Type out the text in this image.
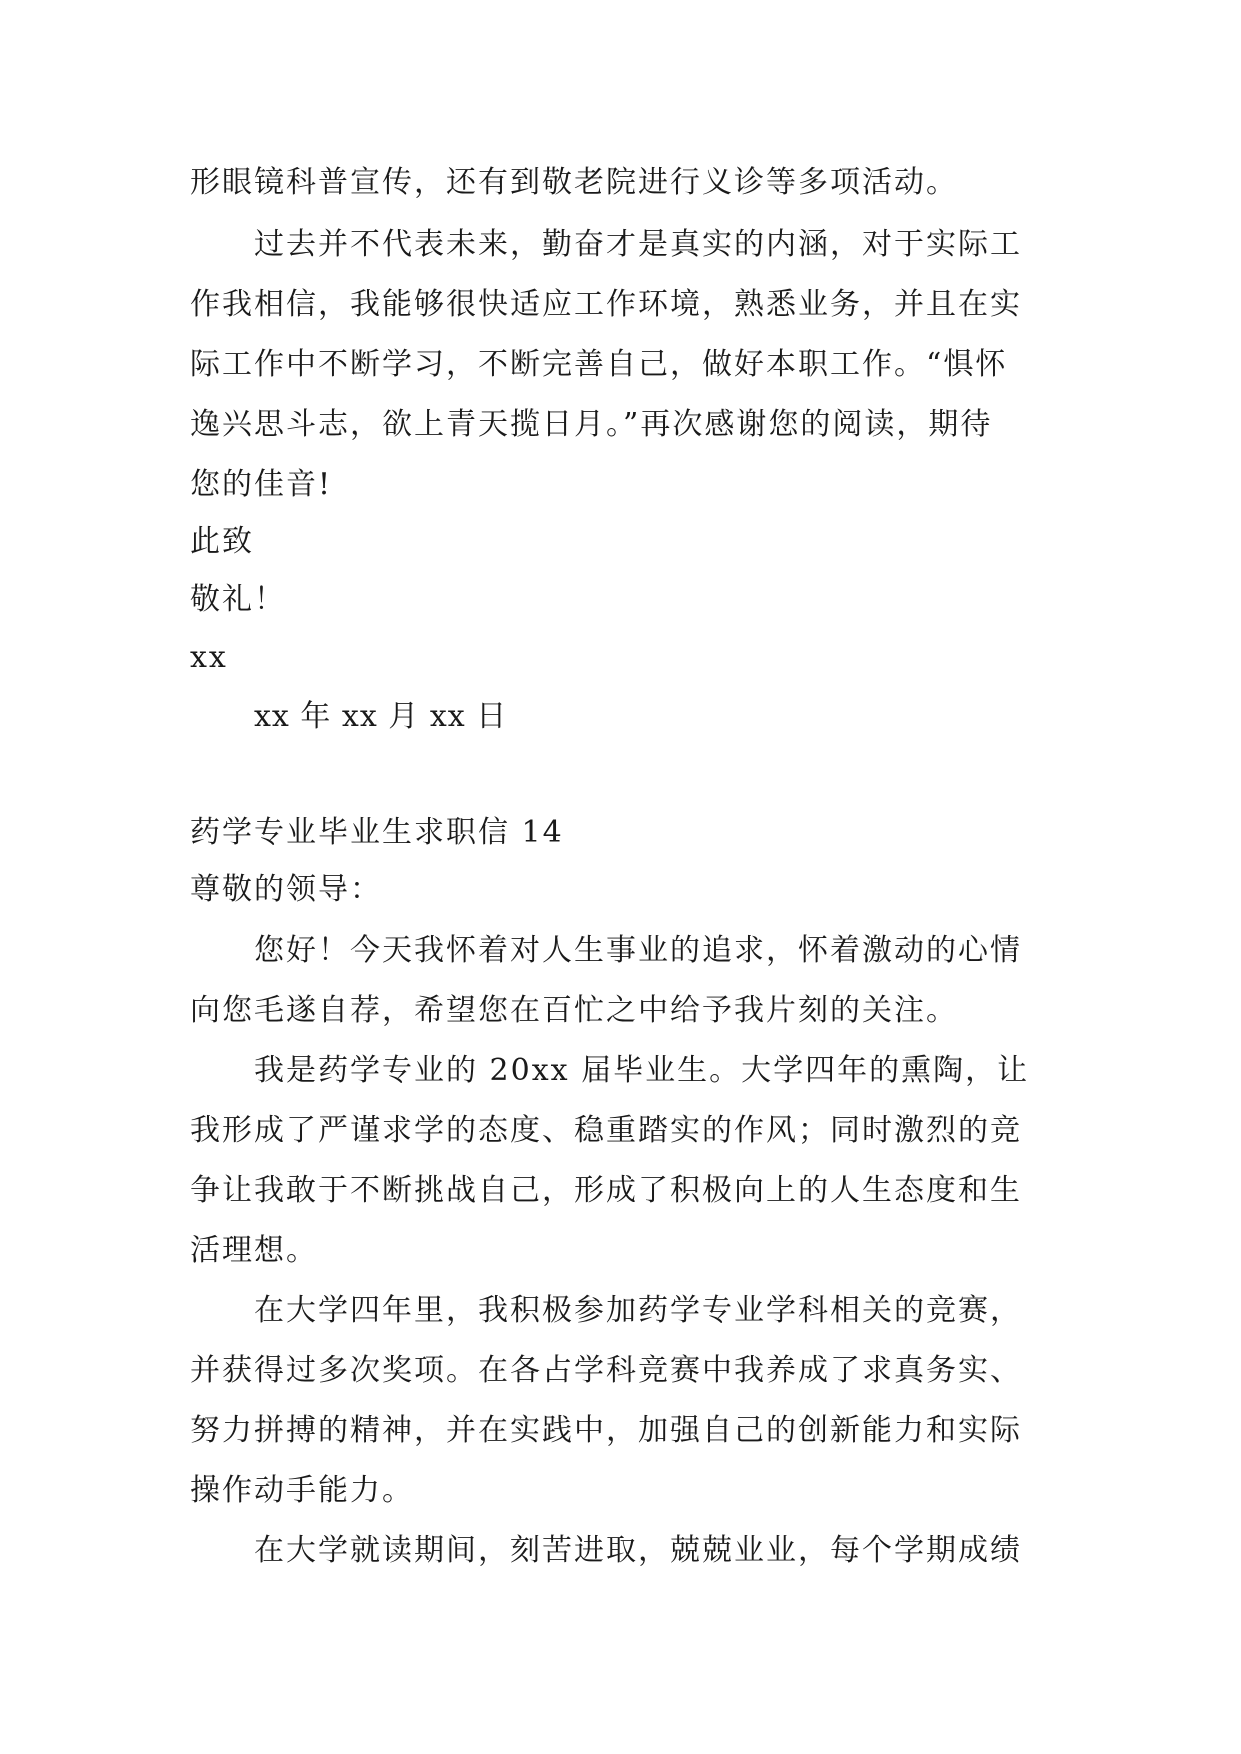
形眼镜科普宣传，还有到敬老院进行义诊等多项活动。
过去并不代表未来，勤奋才是真实的内涵，对于实际工
作我相信，我能够很快适应工作环境，熟悉业务，并且在实
际工作中不断学习，不断完善自己，做好本职工作。“惧怀
逸兴思斗志，欲上青天揽日月。”再次感谢您的阅读，期待
您的佳音!
此致
敬礼！
xx
xx 年 xx 月 xx 日
药学专业毕业生求职信 14
尊敬的领导：
您好！今天我怀着对人生事业的追求，怀着激动的心情
向您毛遂自荐，希望您在百忙之中给予我片刻的关注。
我是药学专业的 20xx 届毕业生。大学四年的熏陶，让
我形成了严谨求学的态度、稳重踏实的作风；同时激烈的竞
争让我敢于不断挑战自己，形成了积极向上的人生态度和生
活理想。
在大学四年里，我积极参加药学专业学科相关的竞赛，
并获得过多次奖项。在各占学科竞赛中我养成了求真务实、
努力拼搏的精神，并在实践中，加强自己的创新能力和实际
操作动手能力。
在大学就读期间，刻苦进取，兢兢业业，每个学期成绩
